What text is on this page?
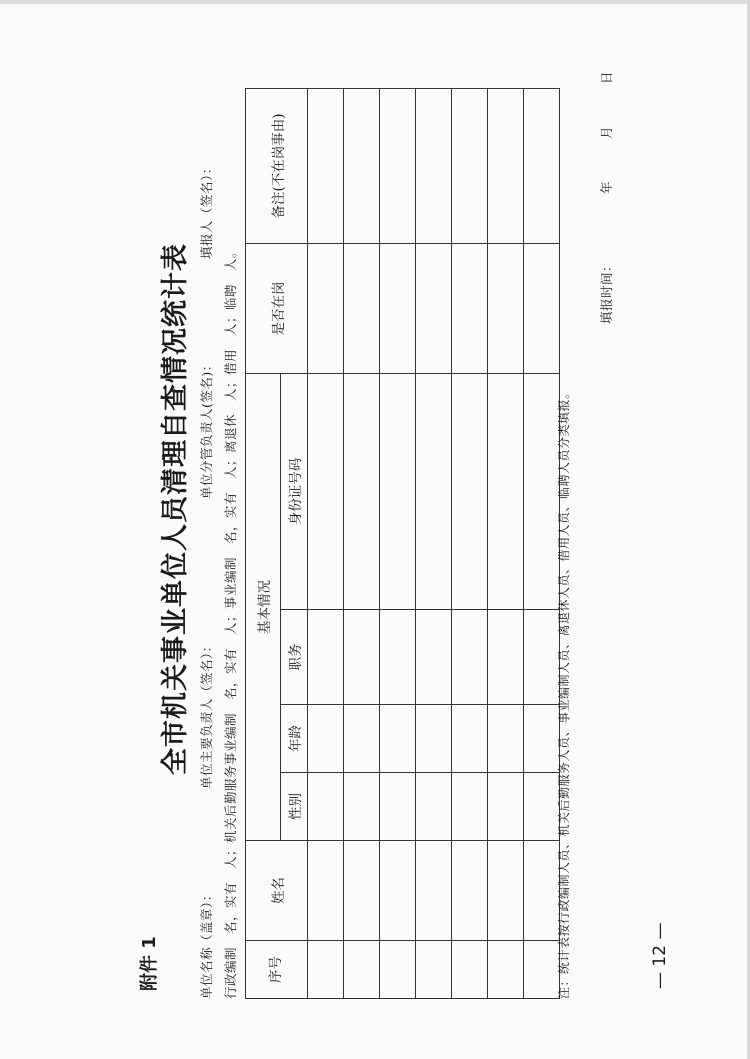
附件 1
全市机关事业单位人员清理自查情况统计表
单位名称（盖章）：
单位主要负责人（签名）：
单位分管负责人(签名)：
填报人（签名）：
行政编制　名，实有　人；机关后勤服务事业编制　名，实有　人；事业编制　名，实有　人；离退休　人；借用　人；临聘　人。 序号	姓名	基本情况				是否在岗	备注(不在岗事由)
		性别	年龄	职务	身份证号码		

								注：统计表按行政编制人员、机关后勤服务人员、事业编制人员、离退休人员、借用人员、临聘人员分类填报。
填报时间：
年
月
日
— 12 —
